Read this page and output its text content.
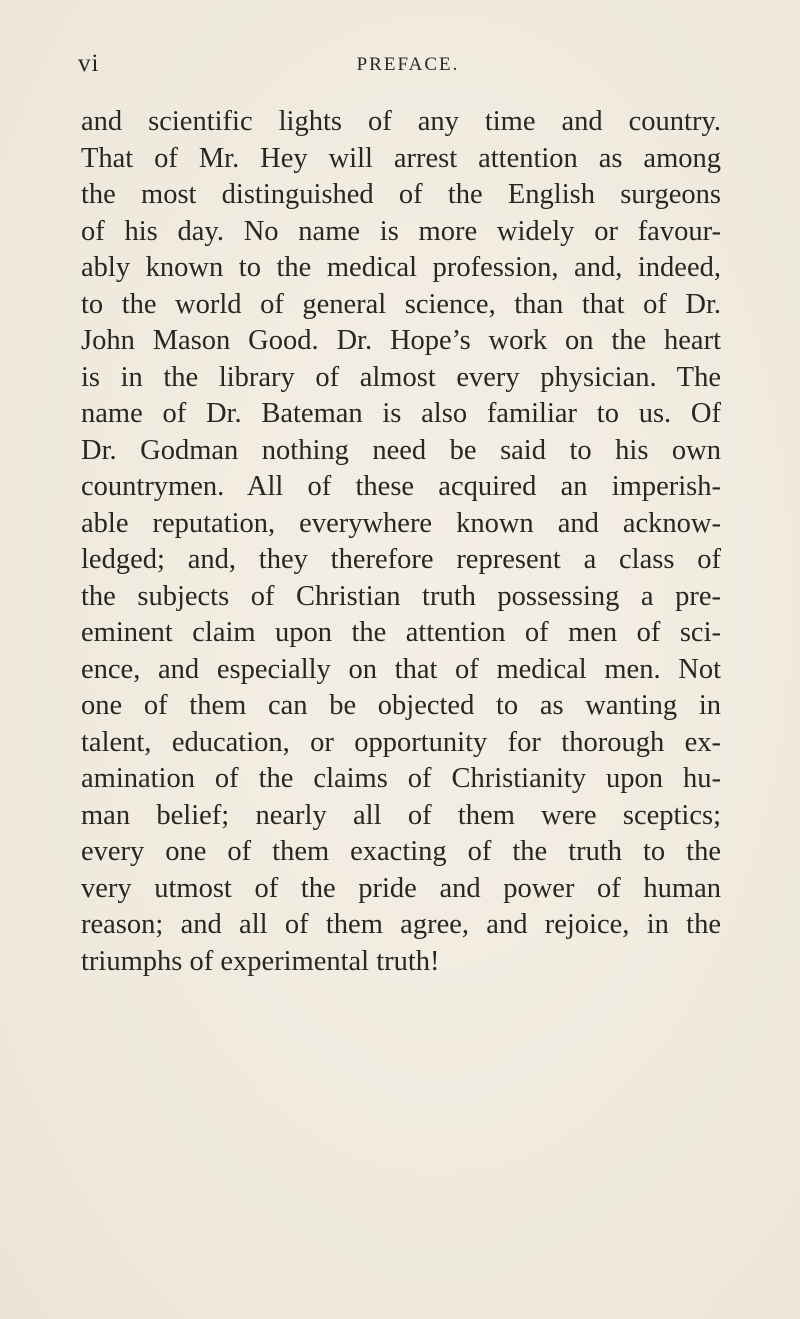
vi	PREFACE.
and scientific lights of any time and country.
That of Mr. Hey will arrest attention as among
the most distinguished of the English surgeons
of his day. No name is more widely or favour-
ably known to the medical profession, and, indeed,
to the world of general science, than that of Dr.
John Mason Good. Dr. Hope’s work on the heart
is in the library of almost every physician. The
name of Dr. Bateman is also familiar to us. Of
Dr. Godman nothing need be said to his own
countrymen. All of these acquired an imperish-
able reputation, everywhere known and acknow-
ledged; and, they therefore represent a class of
the subjects of Christian truth possessing a pre-
eminent claim upon the attention of men of sci-
ence, and especially on that of medical men. Not
one of them can be objected to as wanting in
talent, education, or opportunity for thorough ex-
amination of the claims of Christianity upon hu-
man belief; nearly all of them were sceptics;
every one of them exacting of the truth to the
very utmost of the pride and power of human
reason; and all of them agree, and rejoice, in the
triumphs of experimental truth!
